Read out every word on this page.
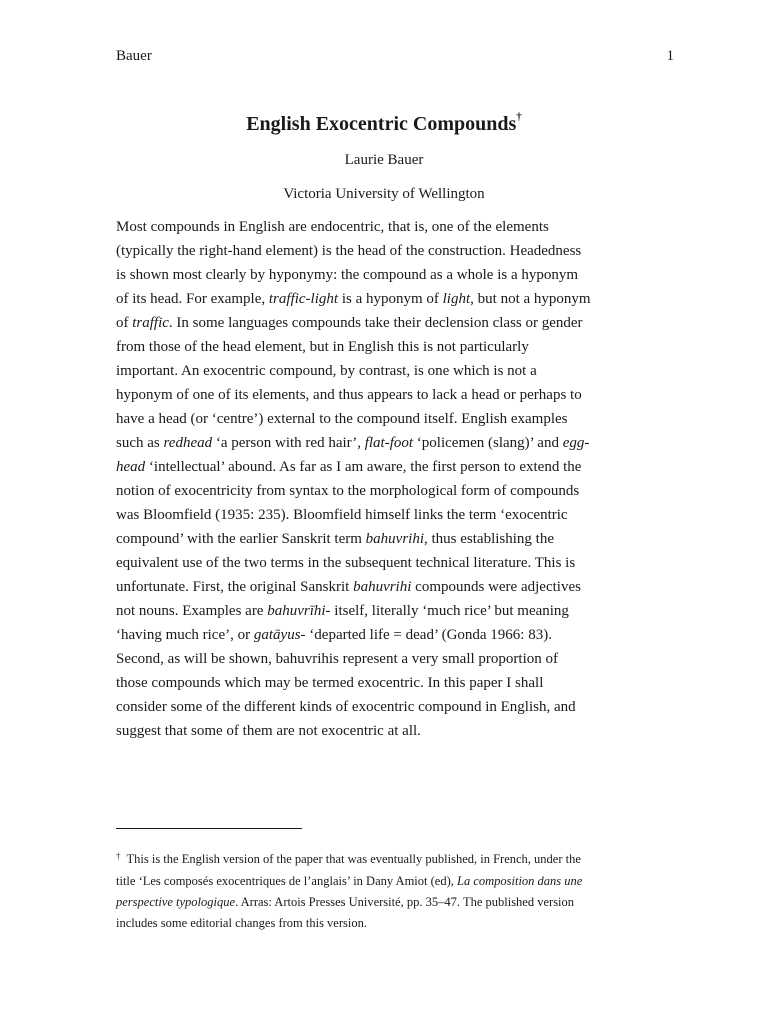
Bauer	1
English Exocentric Compounds†
Laurie Bauer
Victoria University of Wellington

Most compounds in English are endocentric, that is, one of the elements
(typically the right-hand element) is the head of the construction. Headedness
is shown most clearly by hyponymy: the compound as a whole is a hyponym
of its head. For example, traffic-light is a hyponym of light, but not a hyponym
of traffic. In some languages compounds take their declension class or gender
from those of the head element, but in English this is not particularly
important. An exocentric compound, by contrast, is one which is not a
hyponym of one of its elements, and thus appears to lack a head or perhaps to
have a head (or ‘centre’) external to the compound itself. English examples
such as redhead ‘a person with red hair’, flat-foot ‘policemen (slang)’ and egg-
head ‘intellectual’ abound. As far as I am aware, the first person to extend the
notion of exocentricity from syntax to the morphological form of compounds
was Bloomfield (1935: 235). Bloomfield himself links the term ‘exocentric
compound’ with the earlier Sanskrit term bahuvrihi, thus establishing the
equivalent use of the two terms in the subsequent technical literature. This is
unfortunate. First, the original Sanskrit bahuvrihi compounds were adjectives
not nouns. Examples are bahuvrīhi- itself, literally ‘much rice’ but meaning
‘having much rice’, or gatāyus- ‘departed life = dead’ (Gonda 1966: 83).
Second, as will be shown, bahuvrihis represent a very small proportion of
those compounds which may be termed exocentric. In this paper I shall
consider some of the different kinds of exocentric compound in English, and
suggest that some of them are not exocentric at all.

† This is the English version of the paper that was eventually published, in French, under the
title ‘Les composés exocentriques de l’anglais’ in Dany Amiot (ed), La composition dans une
perspective typologique. Arras: Artois Presses Université, pp. 35–47. The published version
includes some editorial changes from this version.
